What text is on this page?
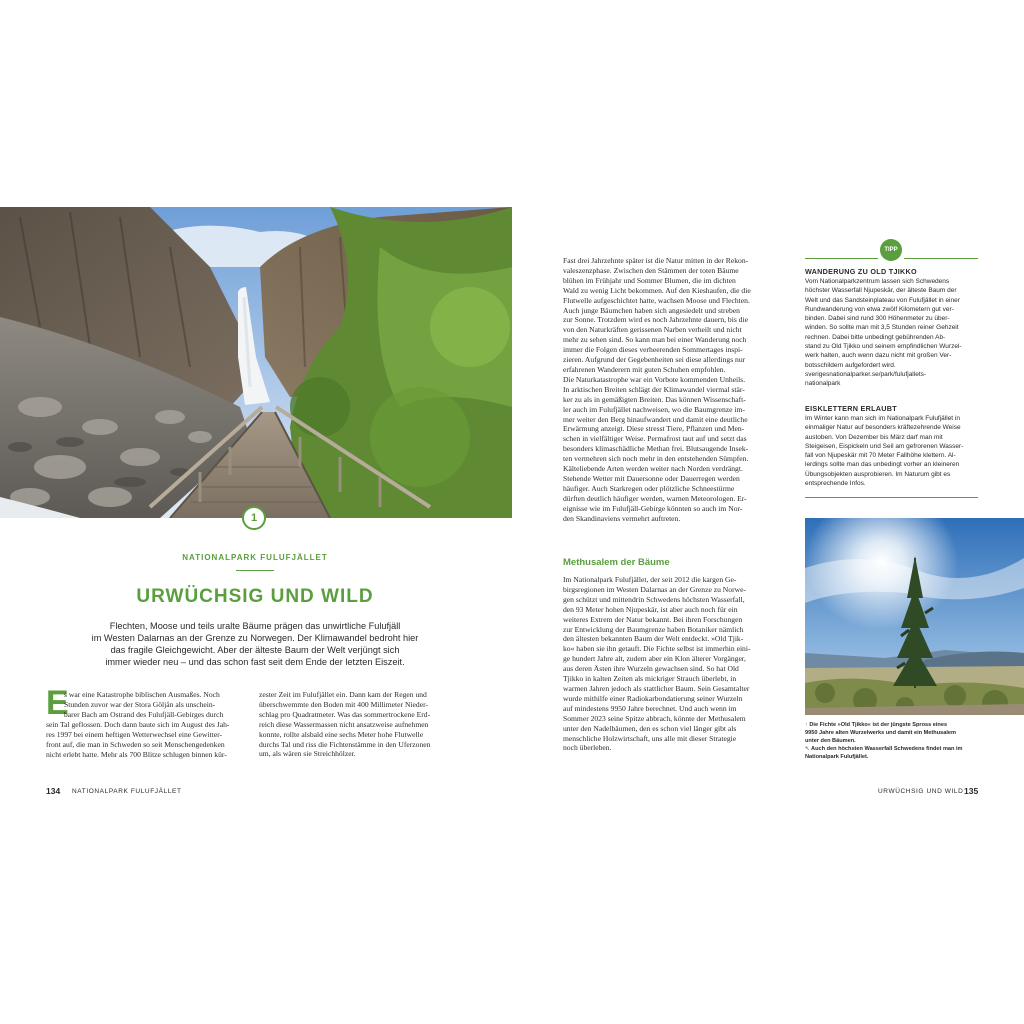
1
NATIONALPARK FULUFJÄLLET
URWÜCHSIG UND WILD
Flechten, Moose und teils uralte Bäume prägen das unwirtliche Fulufjäll
im Westen Dalarnas an der Grenze zu Norwegen. Der Klimawandel bedroht hier
das fragile Gleichgewicht. Aber der älteste Baum der Welt verjüngt sich
immer wieder neu – und das schon fast seit dem Ende der letzten Eiszeit.
E
s war eine Katastrophe biblischen Ausmaßes. Noch
Stunden zuvor war der Stora Göljån als unschein-
barer Bach am Ostrand des Fulufjäll-Gebirges durch
sein Tal geflossen. Doch dann baute sich im August des Jah-
res 1997 bei einem heftigen Wetterwechsel eine Gewitter-
front auf, die man in Schweden so seit Menschengedenken
nicht erlebt hatte. Mehr als 700 Blitze schlugen binnen kür-
zester Zeit im Fulufjället ein. Dann kam der Regen und
überschwemmte den Boden mit 400 Millimeter Nieder-
schlag pro Quadratmeter. Was das sommertrockene Erd-
reich diese Wassermassen nicht ansatzweise aufnehmen
konnte, rollte alsbald eine sechs Meter hohe Flutwelle
durchs Tal und riss die Fichtenstämme in den Uferzonen
um, als wären sie Streichhölzer.
134 NATIONALPARK FULUFJÄLLET
Fast drei Jahrzehnte später ist die Natur mitten in der Rekon-
valeszenzphase. Zwischen den Stämmen der toten Bäume
blühen im Frühjahr und Sommer Blumen, die im dichten
Wald zu wenig Licht bekommen. Auf den Kieshaufen, die die
Flutwelle aufgeschichtet hatte, wachsen Moose und Flechten.
Auch junge Bäumchen haben sich angesiedelt und streben
zur Sonne. Trotzdem wird es noch Jahrzehnte dauern, bis die
von den Naturkräften gerissenen Narben verheilt und nicht
mehr zu sehen sind. So kann man bei einer Wanderung noch
immer die Folgen dieses verheerenden Sommertages inspi-
zieren. Aufgrund der Gegebenheiten sei diese allerdings nur
erfahrenen Wanderern mit guten Schuhen empfohlen.
Die Naturkatastrophe war ein Vorbote kommenden Unheils.
In arktischen Breiten schlägt der Klimawandel viermal stär-
ker zu als in gemäßigten Breiten. Das können Wissenschaft-
ler auch im Fulufjället nachweisen, wo die Baumgrenze im-
mer weiter den Berg hinaufwandert und damit eine deutliche
Erwärmung anzeigt. Diese stresst Tiere, Pflanzen und Men-
schen in vielfältiger Weise. Permafrost taut auf und setzt das
besonders klimaschädliche Methan frei. Blutsaugende Insek-
ten vermehren sich noch mehr in den entstehenden Sümpfen.
Kälteliebende Arten werden weiter nach Norden verdrängt.
Stehende Wetter mit Dauersonne oder Dauerregen werden
häufiger. Auch Starkregen oder plötzliche Schneestürme
dürften deutlich häufiger werden, warnen Meteorologen. Er-
eignisse wie im Fulufjäll-Gebirge könnten so auch im Nor-
den Skandinaviens vermehrt auftreten.
Methusalem der Bäume
Im Nationalpark Fulufjället, der seit 2012 die kargen Ge-
birgsregionen im Westen Dalarnas an der Grenze zu Norwe-
gen schützt und mittendrin Schwedens höchsten Wasserfall,
den 93 Meter hohen Njupeskär, ist aber auch noch für ein
weiteres Extrem der Natur bekannt. Bei ihren Forschungen
zur Entwicklung der Baumgrenze haben Botaniker nämlich
den ältesten bekannten Baum der Welt entdeckt. »Old Tjik-
ko« haben sie ihn getauft. Die Fichte selbst ist immerhin eini-
ge hundert Jahre alt, zudem aber ein Klon älterer Vorgänger,
aus deren Ästen ihre Wurzeln gewachsen sind. So hat Old
Tjikko in kalten Zeiten als mickriger Strauch überlebt, in
warmen Jahren jedoch als stattlicher Baum. Sein Gesamtalter
wurde mithilfe einer Radiokarbondatierung seiner Wurzeln
auf mindestens 9950 Jahre berechnet. Und auch wenn im
Sommer 2023 seine Spitze abbrach, könnte der Methusalem
unter den Nadelbäumen, den es schon viel länger gibt als
menschliche Holzwirtschaft, uns alle mit dieser Strategie
noch überleben.
TIPP
WANDERUNG ZU OLD TJIKKO
Vom Nationalparkzentrum lassen sich Schwedens
höchster Wasserfall Njupeskär, der älteste Baum der
Welt und das Sandsteinplateau von Fulufjället in einer
Rundwanderung von etwa zwölf Kilometern gut ver-
binden. Dabei sind rund 300 Höhenmeter zu über-
winden. So sollte man mit 3,5 Stunden reiner Gehzeit
rechnen. Dabei bitte unbedingt gebührenden Ab-
stand zu Old Tjikko und seinem empfindlichen Wurzel-
werk halten, auch wenn dazu nicht mit großen Ver-
botsschildern aufgefordert wird.
sverigesnationalparker.se/park/fulufjallets-
nationalpark
EISKLETTERN ERLAUBT
Im Winter kann man sich im Nationalpark Fulufjället in
einmaliger Natur auf besonders kräftezehrende Weise
austoben. Von Dezember bis März darf man mit
Steigeisen, Eispickeln und Seil am gefrorenen Wasser-
fall von Njupeskär mit 70 Meter Fallhöhe klettern. Al-
lerdings sollte man das unbedingt vorher an kleineren
Übungsobjekten ausprobieren. Im Naturum gibt es
entsprechende Infos.
↑ Die Fichte »Old Tjikko« ist der jüngste Spross eines
9950 Jahre alten Wurzelwerks und damit ein Methusalem
unter den Bäumen.
↖ Auch den höchsten Wasserfall Schwedens findet man im
Nationalpark Fulufjället.
URWÜCHSIG UND WILD 135
